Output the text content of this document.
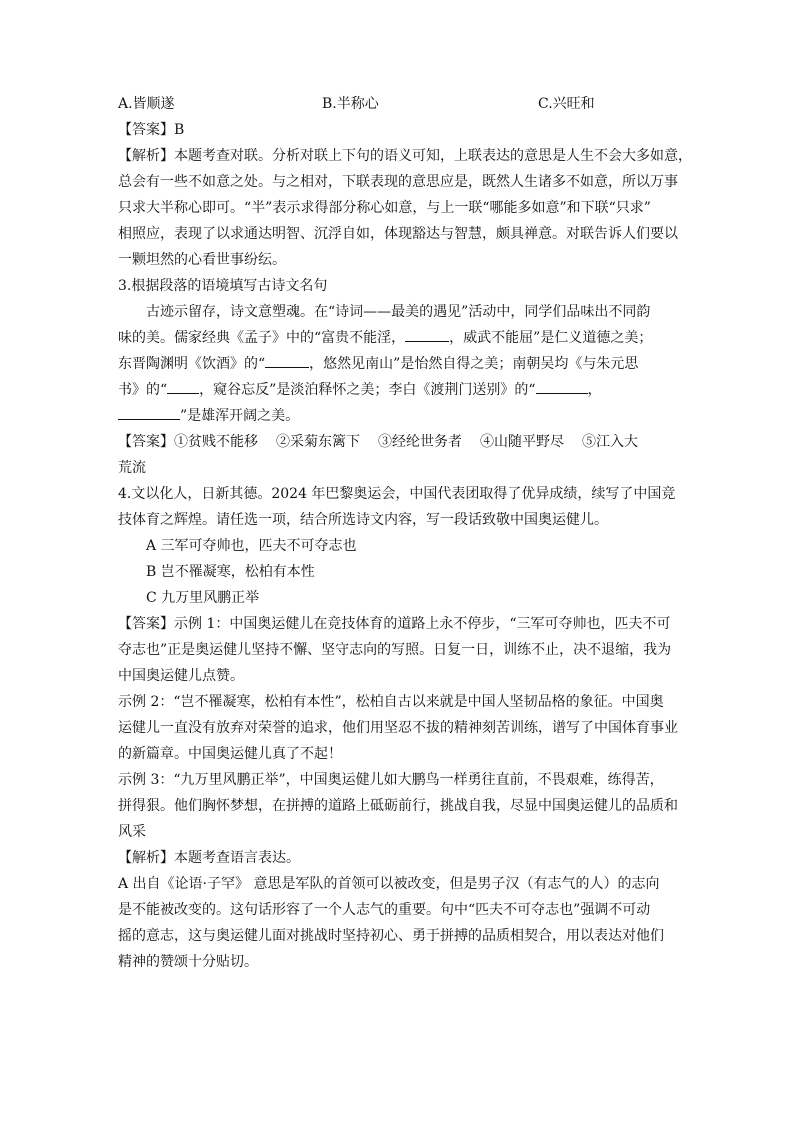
A.皆顺遂	B.半称心	C.兴旺和
【答案】B
【解析】本题考查对联。分析对联上下句的语义可知，上联表达的意思是人生不会大多如意，
总会有一些不如意之处。与之相对，下联表现的意思应是，既然人生诸多不如意，所以万事
只求大半称心即可。“半”表示求得部分称心如意，与上一联“哪能多如意”和下联“只求”
相照应，表现了以求通达明智、沉浮自如，体现豁达与智慧，颇具禅意。对联告诉人们要以
一颗坦然的心看世事纷纭。
3.根据段落的语境填写古诗文名句
古迹示留存，诗文意塑魂。在“诗词——最美的遇见”活动中，同学们品味出不同韵
味的美。儒家经典《孟子》中的“富贵不能淫，	，威武不能屈”是仁义道德之美；
东晋陶渊明《饮酒》的“	，悠然见南山”是怡然自得之美；南朝吴均《与朱元思
书》的“ ，窥谷忘反”是淡泊释怀之美；李白《渡荆门送别》的“	，
”是雄浑开阔之美。
【答案】①贫贱不能移 ②采菊东篱下 ③经纶世务者 ④山随平野尽 ⑤江入大
荒流
4.文以化人，日新其德。2024 年巴黎奥运会，中国代表团取得了优异成绩，续写了中国竞
技体育之辉煌。请任选一项，结合所选诗文内容，写一段话致敬中国奥运健儿。
A 三军可夺帅也，匹夫不可夺志也
B 岂不罹凝寒，松柏有本性
C 九万里风鹏正举
【答案】示例 1：中国奥运健儿在竞技体育的道路上永不停步，“三军可夺帅也，匹夫不可
夺志也”正是奥运健儿坚持不懈、坚守志向的写照。日复一日，训练不止，决不退缩，我为
中国奥运健儿点赞。
示例 2：“岂不罹凝寒，松柏有本性”，松柏自古以来就是中国人坚韧品格的象征。中国奥
运健儿一直没有放弃对荣誉的追求，他们用坚忍不拔的精神刻苦训练，谱写了中国体育事业
的新篇章。中国奥运健儿真了不起！
示例 3：“九万里风鹏正举”，中国奥运健儿如大鹏鸟一样勇往直前，不畏艰难，练得苦，
拼得狠。他们胸怀梦想，在拼搏的道路上砥砺前行，挑战自我，尽显中国奥运健儿的品质和
风采
【解析】本题考查语言表达。
A 出自《论语·子罕》 意思是军队的首领可以被改变，但是男子汉（有志气的人）的志向
是不能被改变的。这句话形容了一个人志气的重要。句中“匹夫不可夺志也”强调不可动
摇的意志，这与奥运健儿面对挑战时坚持初心、勇于拼搏的品质相契合，用以表达对他们
精神的赞颂十分贴切。
